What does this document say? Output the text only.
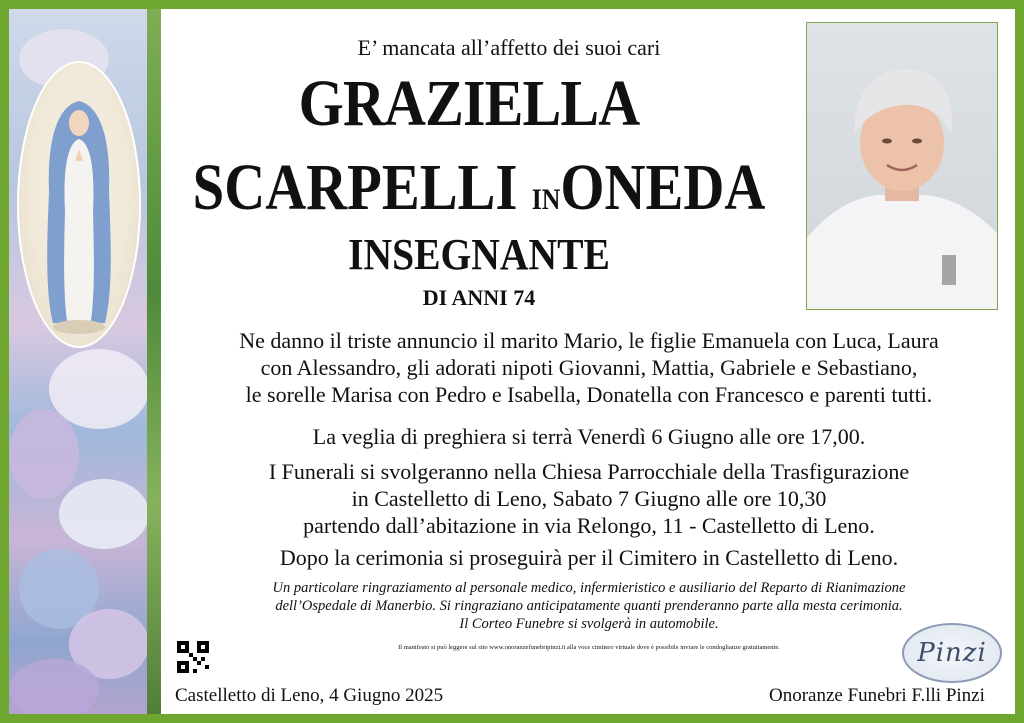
E’ mancata all’affetto dei suoi cari
GRAZIELLA
SCARPELLI INONEDA
INSEGNANTE
DI ANNI 74
Ne danno il triste annuncio il marito Mario, le figlie Emanuela con Luca, Laura
con Alessandro, gli adorati nipoti Giovanni, Mattia, Gabriele e Sebastiano,
le sorelle Marisa con Pedro e Isabella, Donatella con Francesco e parenti tutti.
La veglia di preghiera si terrà Venerdì 6 Giugno alle ore 17,00.
I Funerali si svolgeranno nella Chiesa Parrocchiale della Trasfigurazione
in Castelletto di Leno, Sabato 7 Giugno alle ore 10,30
partendo dall’abitazione in via Relongo, 11 - Castelletto di Leno.
Dopo la cerimonia si proseguirà per il Cimitero in Castelletto di Leno.
Un particolare ringraziamento al personale medico, infermieristico e ausiliario del Reparto di Rianimazione
dell’Ospedale di Manerbio. Si ringraziano anticipatamente quanti prenderanno parte alla mesta cerimonia.
Il Corteo Funebre si svolgerà in automobile.
Il manifesto si può leggere sul sito www.onoranzefunebripinzi.it alla voce cimitero virtuale dove è possibile inviare le condoglianze gratuitamente.	Pinzi
Castelletto di Leno, 4 Giugno 2025	Onoranze Funebri F.lli Pinzi
